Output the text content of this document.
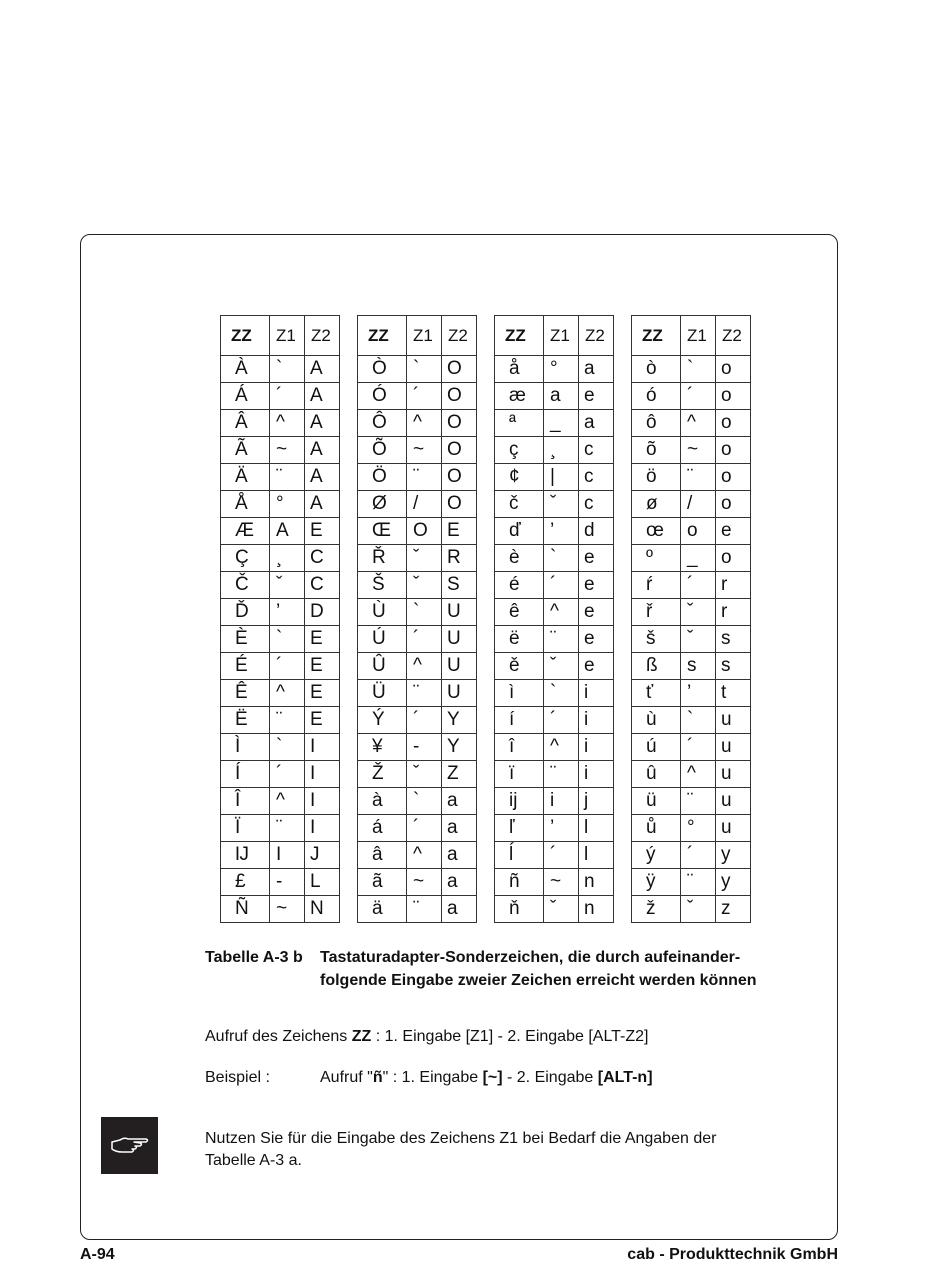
ZZ	Z1	Z2
À	`	A
Á	´	A
Â	^	A
Ã	~	A
Ä	¨	A
Å	°	A
Æ	A	E
Ç	¸	C
Č	ˇ	C
Ď	’	D
È	`	E
É	´	E
Ê	^	E
Ë	¨	E
Ì	`	I
Í	´	I
Î	^	I
Ï	¨	I
Ĳ	I	J
£	-	L
Ñ	~	N
ZZ	Z1	Z2
Ò	`	O
Ó	´	O
Ô	^	O
Õ	~	O
Ö	¨	O
Ø	/	O
Œ	O	E
Ř	ˇ	R
Š	ˇ	S
Ù	`	U
Ú	´	U
Û	^	U
Ü	¨	U
Ý	´	Y
¥	-	Y
Ž	ˇ	Z
à	`	a
á	´	a
â	^	a
ã	~	a
ä	¨	a
ZZ	Z1	Z2
å	°	a
æ	a	e
ª	_	a
ç	¸	c
¢	|	c
č	ˇ	c
ď	’	d
è	`	e
é	´	e
ê	^	e
ë	¨	e
ě	ˇ	e
ì	`	i
í	´	i
î	^	i
ï	¨	i
ĳ	i	j
ľ	’	l
ĺ	´	l
ñ	~	n
ň	ˇ	n
ZZ	Z1	Z2
ò	`	o
ó	´	o
ô	^	o
õ	~	o
ö	¨	o
ø	/	o
œ	o	e
º	_	o
ŕ	´	r
ř	ˇ	r
š	ˇ	s
ß	s	s
ť	’	t
ù	`	u
ú	´	u
û	^	u
ü	¨	u
ů	°	u
ý	´	y
ÿ	¨	y
ž	ˇ	z
Tabelle A-3 b Tastaturadapter-Sonderzeichen, die durch aufeinander-
folgende Eingabe zweier Zeichen erreicht werden können
Aufruf des Zeichens ZZ : 1. Eingabe [Z1] - 2. Eingabe [ALT-Z2]
Beispiel :	Aufruf "ñ" : 1. Eingabe [~] - 2. Eingabe [ALT-n]
Nutzen Sie für die Eingabe des Zeichens Z1 bei Bedarf die Angaben der
Tabelle A-3 a.
A-94	cab - Produkttechnik GmbH
